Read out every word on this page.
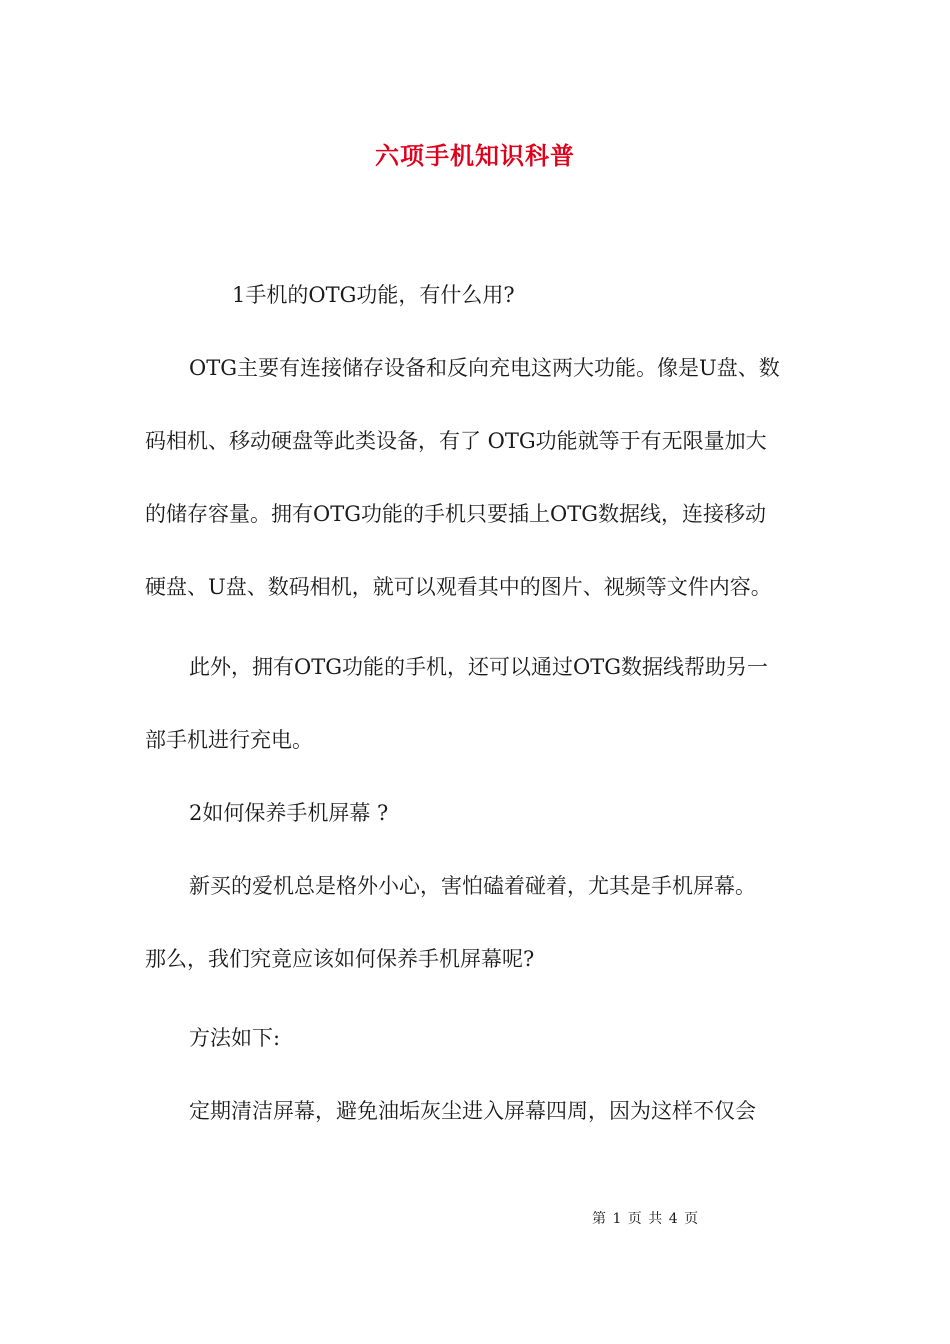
六项手机知识科普
1手机的OTG功能，有什么用?
OTG主要有连接储存设备和反向充电这两大功能。像是U盘、数
码相机、移动硬盘等此类设备，有了 OTG功能就等于有无限量加大
的储存容量。拥有OTG功能的手机只要插上OTG数据线，连接移动
硬盘、U盘、数码相机，就可以观看其中的图片、视频等文件内容。
此外，拥有OTG功能的手机，还可以通过OTG数据线帮助另一
部手机进行充电。
2如何保养手机屏幕 ?
新买的爱机总是格外小心，害怕磕着碰着，尤其是手机屏幕。
那么，我们究竟应该如何保养手机屏幕呢?
方法如下:
定期清洁屏幕，避免油垢灰尘进入屏幕四周，因为这样不仅会
第 1 页 共 4 页
